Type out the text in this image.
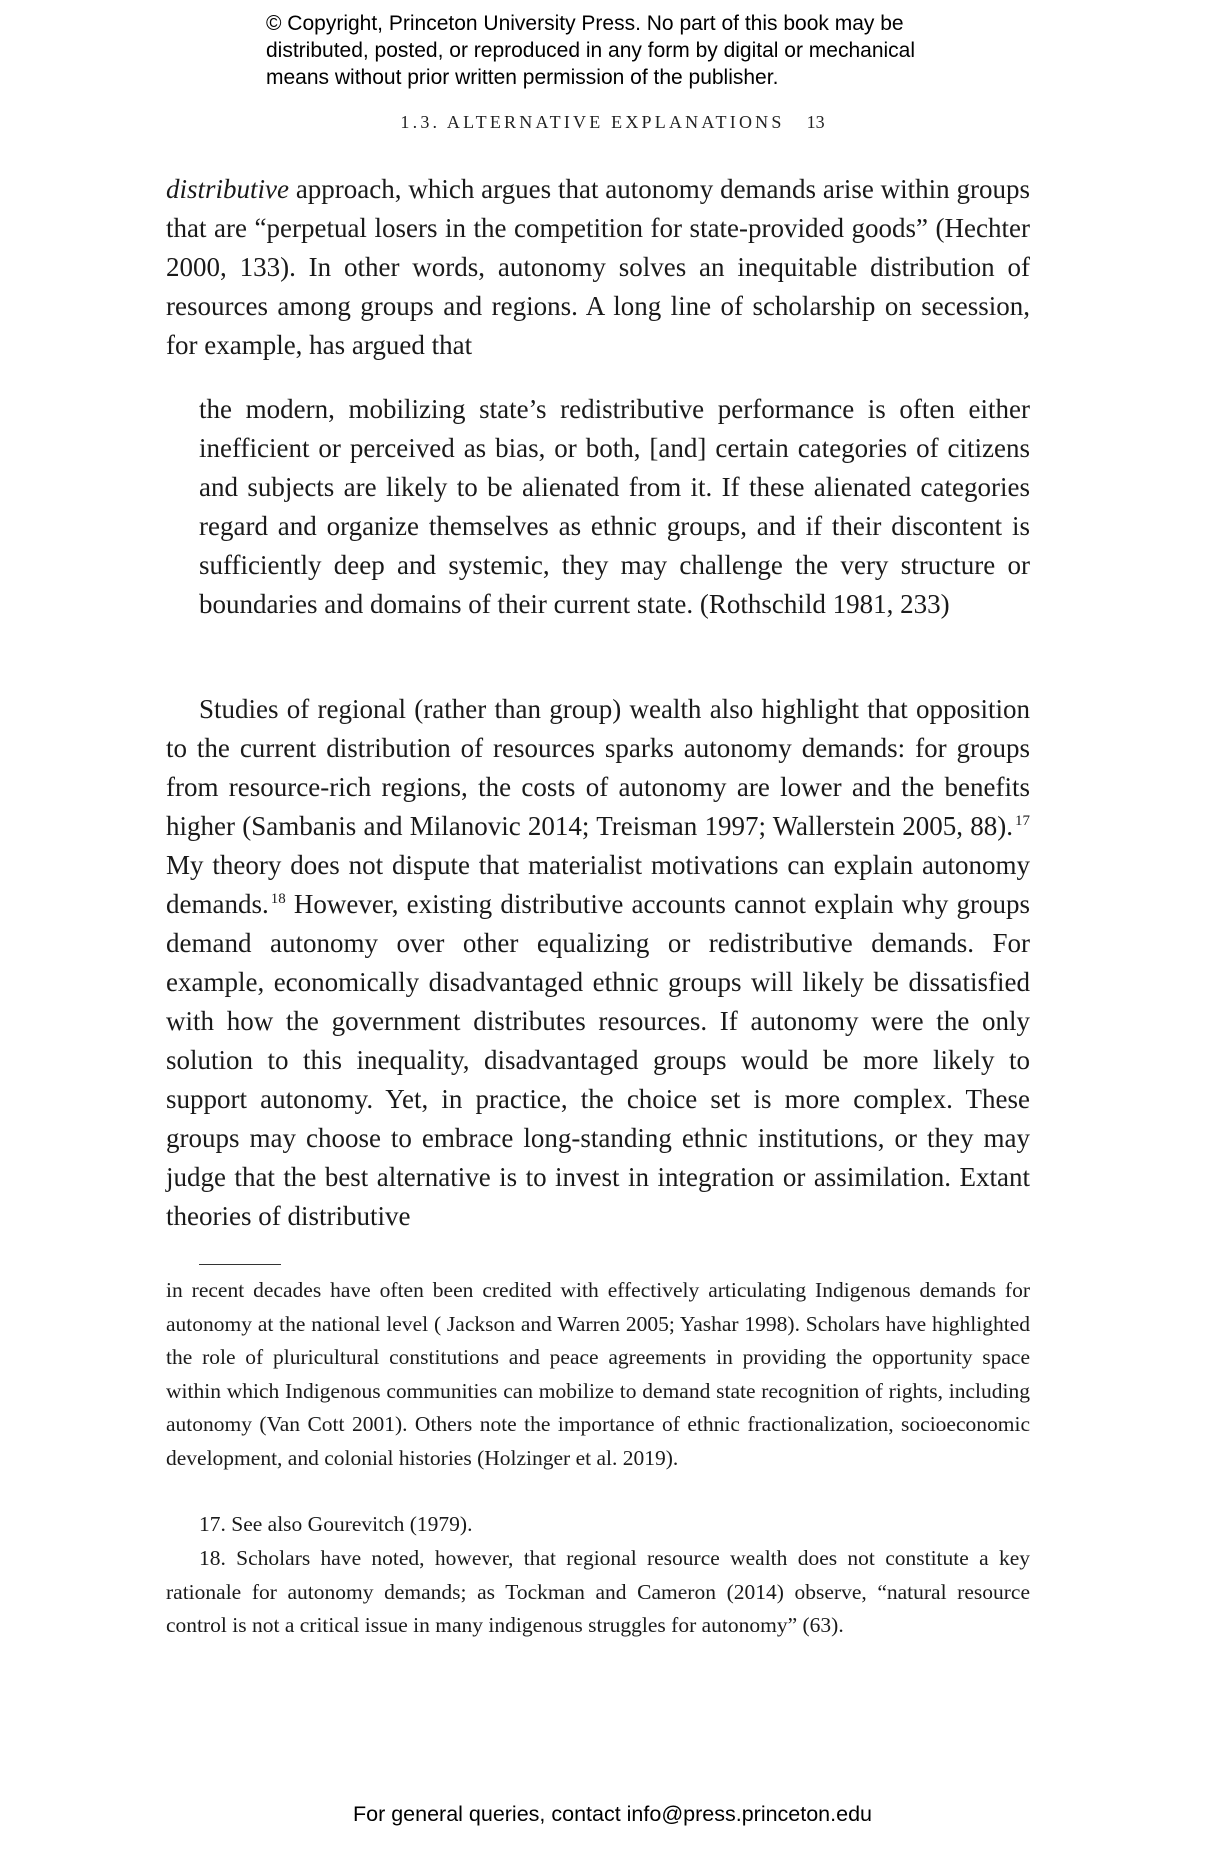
© Copyright, Princeton University Press. No part of this book may be
distributed, posted, or reproduced in any form by digital or mechanical
means without prior written permission of the publisher.
1.3. ALTERNATIVE EXPLANATIONS 13

distributive approach, which argues that autonomy demands arise within groups that are “perpetual losers in the competition for state-provided goods” (Hechter 2000, 133). In other words, autonomy solves an inequitable distribution of resources among groups and regions. A long line of scholarship on secession, for example, has argued that

the modern, mobilizing state’s redistributive performance is often either inefficient or perceived as bias, or both, [and] certain categories of citizens and subjects are likely to be alienated from it. If these alienated categories regard and organize themselves as ethnic groups, and if their discontent is sufficiently deep and systemic, they may challenge the very structure or boundaries and domains of their current state. (Rothschild 1981, 233)

Studies of regional (rather than group) wealth also highlight that opposition to the current distribution of resources sparks autonomy demands: for groups from resource-rich regions, the costs of autonomy are lower and the benefits higher (Sambanis and Milanovic 2014; Treisman 1997; Wallerstein 2005, 88). $^{17}$ My theory does not dispute that materialist motivations can explain autonomy demands. $^{18}$ However, existing distributive accounts cannot explain why groups demand autonomy over other equalizing or redistributive demands. For example, economically disadvantaged ethnic groups will likely be dissatisfied with how the government distributes resources. If autonomy were the only solution to this inequality, disadvantaged groups would be more likely to support autonomy. Yet, in practice, the choice set is more complex. These groups may choose to embrace long-standing ethnic institutions, or they may judge that the best alternative is to invest in integration or assimilation. Extant theories of distributive

in recent decades have often been credited with effectively articulating Indigenous demands for autonomy at the national level ( Jackson and Warren 2005; Yashar 1998). Scholars have highlighted the role of pluricultural constitutions and peace agreements in providing the opportunity space within which Indigenous communities can mobilize to demand state recognition of rights, including autonomy (Van Cott 2001). Others note the importance of ethnic fractionalization, socioeconomic development, and colonial histories (Holzinger et al. 2019).

17. See also Gourevitch (1979).

18. Scholars have noted, however, that regional resource wealth does not constitute a key rationale for autonomy demands; as Tockman and Cameron (2014) observe, “natural resource control is not a critical issue in many indigenous struggles for autonomy” (63).

For general queries, contact info@press.princeton.edu
